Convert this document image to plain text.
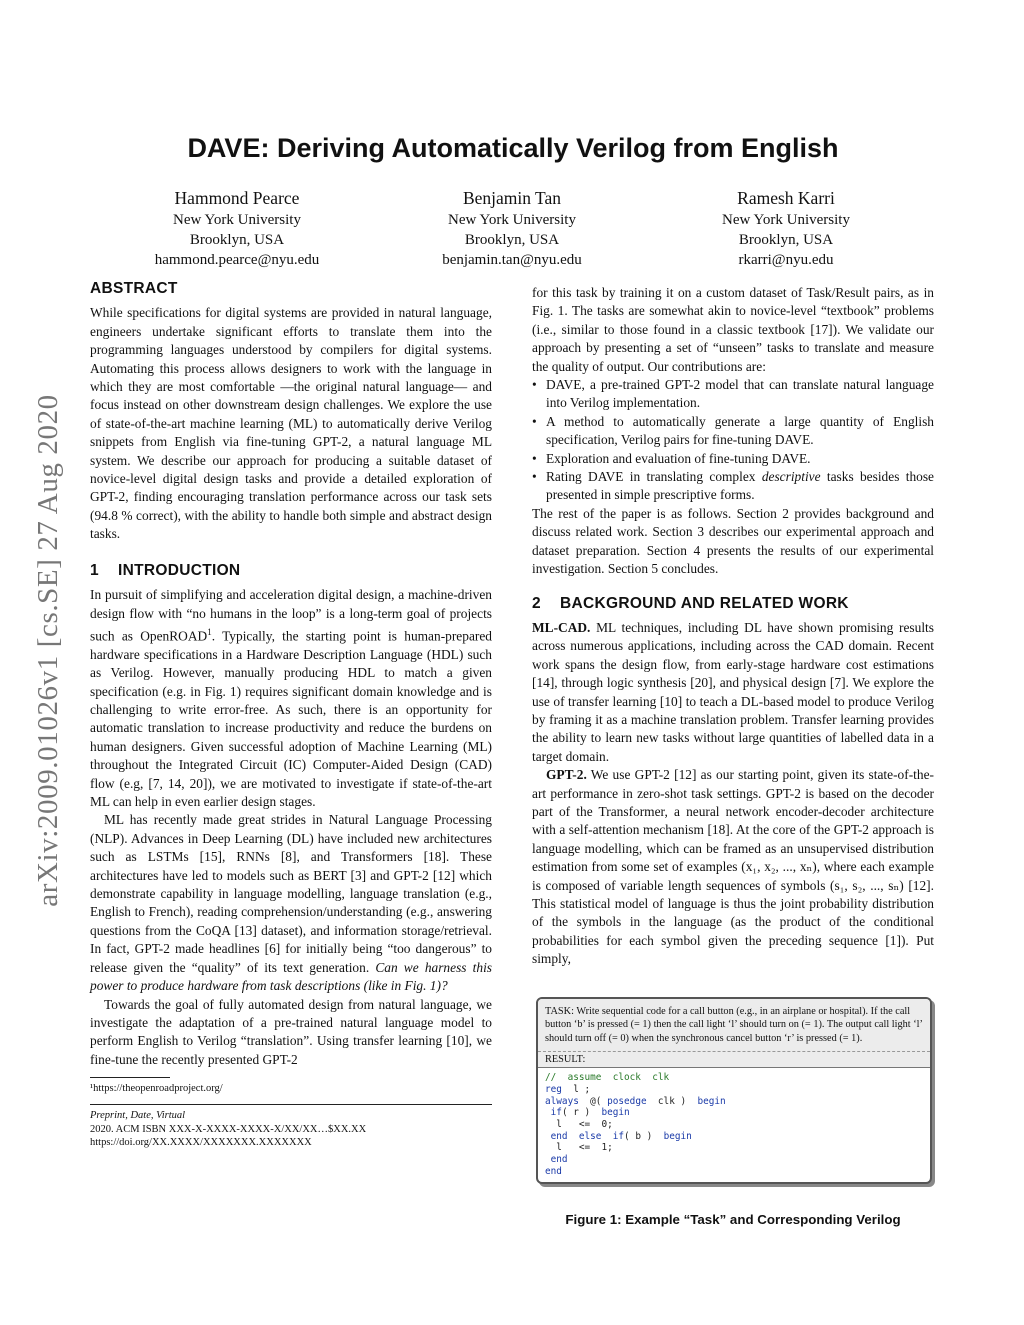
arXiv:2009.01026v1 [cs.SE] 27 Aug 2020
DAVE: Deriving Automatically Verilog from English
Hammond Pearce
New York University
Brooklyn, USA
hammond.pearce@nyu.edu
Benjamin Tan
New York University
Brooklyn, USA
benjamin.tan@nyu.edu
Ramesh Karri
New York University
Brooklyn, USA
rkarri@nyu.edu
ABSTRACT

While specifications for digital systems are provided in natural language, engineers undertake significant efforts to translate them into the programming languages understood by compilers for digital systems. Automating this process allows designers to work with the language in which they are most comfortable —the original natural language— and focus instead on other downstream design challenges. We explore the use of state-of-the-art machine learning (ML) to automatically derive Verilog snippets from English via fine-tuning GPT-2, a natural language ML system. We describe our approach for producing a suitable dataset of novice-level digital design tasks and provide a detailed exploration of GPT-2, finding encouraging translation performance across our task sets (94.8 % correct), with the ability to handle both simple and abstract design tasks.

1 INTRODUCTION

In pursuit of simplifying and acceleration digital design, a machine-driven design flow with “no humans in the loop” is a long-term goal of projects such as OpenROAD$^1$. Typically, the starting point is human-prepared hardware specifications in a Hardware Description Language (HDL) such as Verilog. However, manually producing HDL to match a given specification (e.g. in Fig. 1) requires significant domain knowledge and is challenging to write error-free. As such, there is an opportunity for automatic translation to increase productivity and reduce the burdens on human designers. Given successful adoption of Machine Learning (ML) throughout the Integrated Circuit (IC) Computer-Aided Design (CAD) flow (e.g, [7, 14, 20]), we are motivated to investigate if state-of-the-art ML can help in even earlier design stages.

ML has recently made great strides in Natural Language Processing (NLP). Advances in Deep Learning (DL) have included new architectures such as LSTMs [15], RNNs [8], and Transformers [18]. These architectures have led to models such as BERT [3] and GPT-2 [12] which demonstrate capability in language modelling, language translation (e.g., English to French), reading comprehension/understanding (e.g., answering questions from the CoQA [13] dataset), and information storage/retrieval. In fact, GPT-2 made headlines [6] for initially being “too dangerous” to release given the “quality” of its text generation. Can we harness this power to produce hardware from task descriptions (like in Fig. 1)?

Towards the goal of fully automated design from natural language, we investigate the adaptation of a pre-trained natural language model to perform English to Verilog “translation”. Using transfer learning [10], we fine-tune the recently presented GPT-2

¹https://theopenroadproject.org/
Preprint, Date, Virtual
2020. ACM ISBN XXX-X-XXXX-XXXX-X/XX/XX…$XX.XX
https://doi.org/XX.XXXX/XXXXXXX.XXXXXXX

for this task by training it on a custom dataset of Task/Result pairs, as in Fig. 1. The tasks are somewhat akin to novice-level “textbook” problems (i.e., similar to those found in a classic textbook [17]). We validate our approach by presenting a set of “unseen” tasks to translate and measure the quality of output. Our contributions are:

• DAVE, a pre-trained GPT-2 model that can translate natural language into Verilog implementation.
• A method to automatically generate a large quantity of English specification, Verilog pairs for fine-tuning DAVE.
• Exploration and evaluation of fine-tuning DAVE.
• Rating DAVE in translating complex descriptive tasks besides those presented in simple prescriptive forms.

The rest of the paper is as follows. Section 2 provides background and discuss related work. Section 3 describes our experimental approach and dataset preparation. Section 4 presents the results of our experimental investigation. Section 5 concludes.

2 BACKGROUND AND RELATED WORK

ML-CAD. ML techniques, including DL have shown promising results across numerous applications, including across the CAD domain. Recent work spans the design flow, from early-stage hardware cost estimations [14], through logic synthesis [20], and physical design [7]. We explore the use of transfer learning [10] to teach a DL-based model to produce Verilog by framing it as a machine translation problem. Transfer learning provides the ability to learn new tasks without large quantities of labelled data in a target domain.

GPT-2. We use GPT-2 [12] as our starting point, given its state-of-the-art performance in zero-shot task settings. GPT-2 is based on the decoder part of the Transformer, a neural network encoder-decoder architecture with a self-attention mechanism [18]. At the core of the GPT-2 approach is language modelling, which can be framed as an unsupervised distribution estimation from some set of examples (x₁, x₂, ..., xₙ), where each example is composed of variable length sequences of symbols (s₁, s₂, ..., sₙ) [12]. This statistical model of language is thus the joint probability distribution of the symbols in the language (as the product of the conditional probabilities for each symbol given the preceding sequence [1]). Put simply,

TASK: Write sequential code for a call button (e.g., in an airplane or hospital). If the call button ‘b’ is pressed (= 1) then the call light ‘l’ should turn on (= 1). The output call light ‘l’ should turn off (= 0) when the synchronous cancel button ‘r’ is pressed (= 1).
RESULT:
//  assume  clock  clk
reg  l ;
always  @( posedge  clk )  begin
if( r )  begin
l   <=  0;
end else if( b )  begin
l   <=  1;
end
end
Figure 1: Example “Task” and Corresponding Verilog
